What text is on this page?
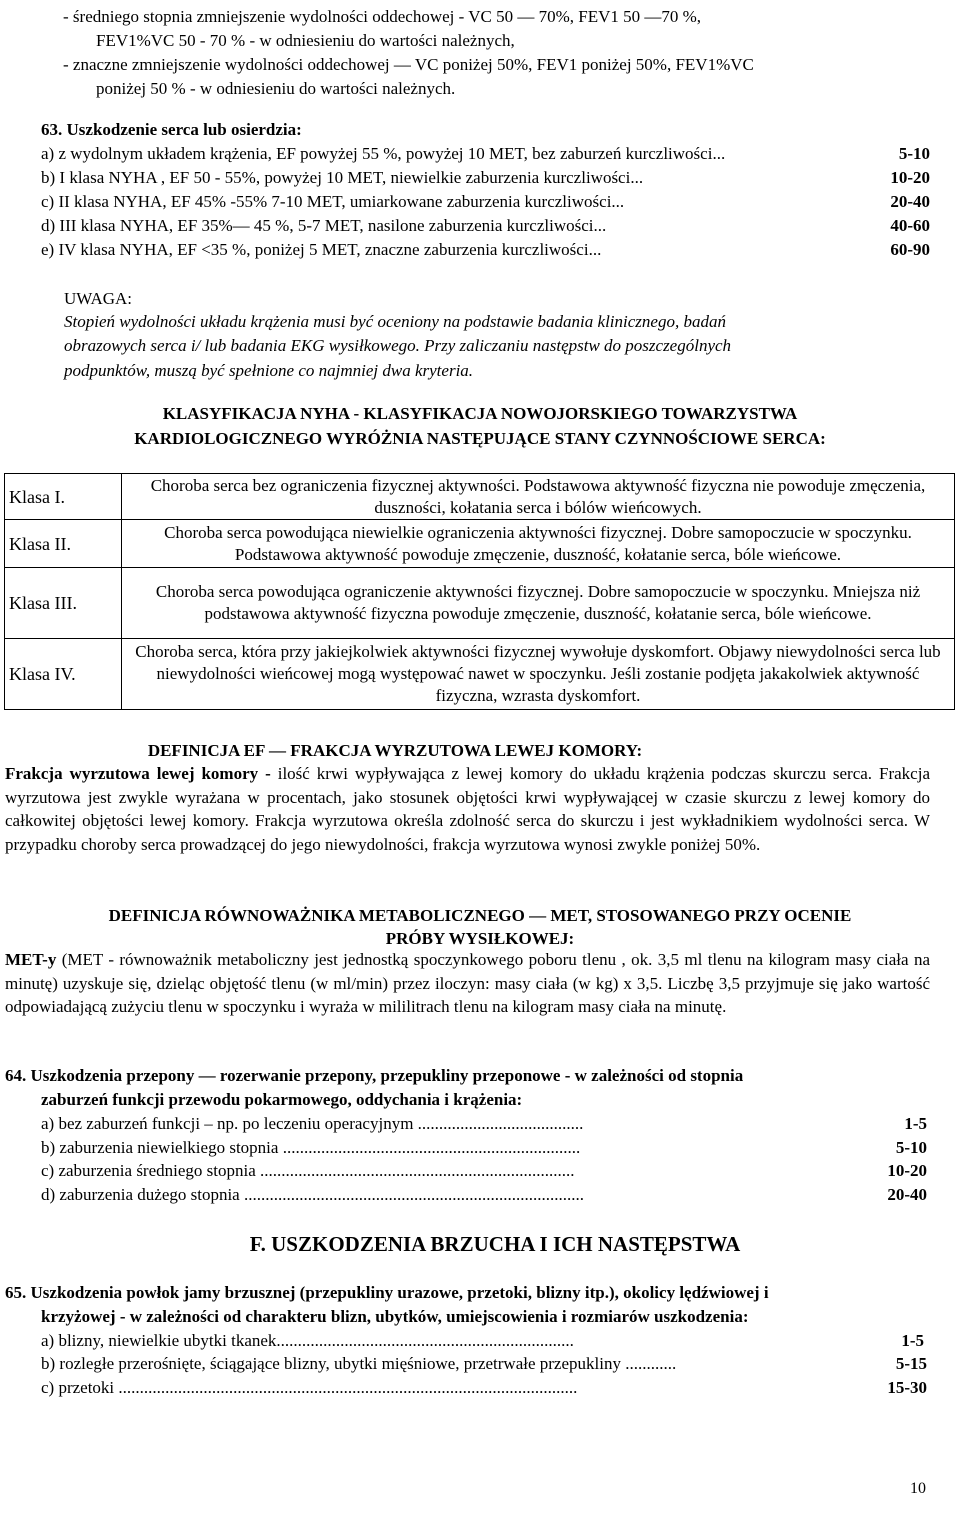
- średniego stopnia zmniejszenie wydolności oddechowej - VC 50 — 70%, FEV1 50 —70 %,
FEV1%VC 50 - 70 % - w odniesieniu do wartości należnych,
- znaczne zmniejszenie wydolności oddechowej — VC poniżej 50%, FEV1 poniżej 50%, FEV1%VC
poniżej 50 % - w odniesieniu do wartości należnych.
63. Uszkodzenie serca lub osierdzia:
a) z wydolnym układem krążenia, EF powyżej 55 %, powyżej 10 MET, bez zaburzeń kurczliwości...	5-10
b) I klasa NYHA , EF 50 - 55%, powyżej 10 MET, niewielkie zaburzenia kurczliwości...	10-20
c) II klasa NYHA, EF 45% -55% 7-10 MET, umiarkowane zaburzenia kurczliwości...	20-40
d) III klasa NYHA, EF 35%— 45 %, 5-7 MET, nasilone zaburzenia kurczliwości...	40-60
e) IV klasa NYHA, EF <35 %, poniżej 5 MET, znaczne zaburzenia kurczliwości...	60-90
UWAGA:
Stopień wydolności układu krążenia musi być oceniony na podstawie badania klinicznego, badań
obrazowych serca i/ lub badania EKG wysiłkowego. Przy zaliczaniu następstw do poszczególnych
podpunktów, muszą być spełnione co najmniej dwa kryteria.
KLASYFIKACJA NYHA - KLASYFIKACJA NOWOJORSKIEGO TOWARZYSTWA
KARDIOLOGICZNEGO WYRÓŻNIA NASTĘPUJĄCE STANY CZYNNOŚCIOWE SERCA:
Klasa I.	Choroba serca bez ograniczenia fizycznej aktywności. Podstawowa aktywność fizyczna nie powoduje zmęczenia, duszności, kołatania serca i bólów wieńcowych.
Klasa II.	Choroba serca powodująca niewielkie ograniczenia aktywności fizycznej. Dobre samopoczucie w spoczynku. Podstawowa aktywność powoduje zmęczenie, duszność, kołatanie serca, bóle wieńcowe.
Klasa III.	Choroba serca powodująca ograniczenie aktywności fizycznej. Dobre samopoczucie w spoczynku. Mniejsza niż podstawowa aktywność fizyczna powoduje zmęczenie, duszność, kołatanie serca, bóle wieńcowe.
Klasa IV.	Choroba serca, która przy jakiejkolwiek aktywności fizycznej wywołuje dyskomfort. Objawy niewydolności serca lub niewydolności wieńcowej mogą występować nawet w spoczynku. Jeśli zostanie podjęta jakakolwiek aktywność fizyczna, wzrasta dyskomfort.
DEFINICJA EF — FRAKCJA WYRZUTOWA LEWEJ KOMORY:
Frakcja wyrzutowa lewej komory - ilość krwi wypływająca z lewej komory do układu krążenia podczas skurczu serca. Frakcja wyrzutowa jest zwykle wyrażana w procentach, jako stosunek objętości krwi wypływającej w czasie skurczu z lewej komory do całkowitej objętości lewej komory. Frakcja wyrzutowa określa zdolność serca do skurczu i jest wykładnikiem wydolności serca. W przypadku choroby serca prowadzącej do jego niewydolności, frakcja wyrzutowa wynosi zwykle poniżej 50%.
DEFINICJA RÓWNOWAŻNIKA METABOLICZNEGO — MET, STOSOWANEGO PRZY OCENIE
PRÓBY WYSIŁKOWEJ:
MET-y (MET - równoważnik metaboliczny jest jednostką spoczynkowego poboru tlenu , ok. 3,5 ml tlenu na kilogram masy ciała na minutę) uzyskuje się, dzieląc objętość tlenu (w ml/min) przez iloczyn: masy ciała (w kg) x 3,5. Liczbę 3,5 przyjmuje się jako wartość odpowiadającą zużyciu tlenu w spoczynku i wyraża w mililitrach tlenu na kilogram masy ciała na minutę.
64. Uszkodzenia przepony — rozerwanie przepony, przepukliny przeponowe - w zależności od stopnia
zaburzeń funkcji przewodu pokarmowego, oddychania i krążenia:
a) bez zaburzeń funkcji – np. po leczeniu operacyjnym .......................................	1-5
b) zaburzenia niewielkiego stopnia ......................................................................	5-10
c) zaburzenia średniego stopnia ..........................................................................	10-20
d) zaburzenia dużego stopnia ................................................................................	20-40
F. USZKODZENIA BRZUCHA I ICH NASTĘPSTWA
65. Uszkodzenia powłok jamy brzusznej (przepukliny urazowe, przetoki, blizny itp.), okolicy lędźwiowej i
krzyżowej - w zależności od charakteru blizn, ubytków, umiejscowienia i rozmiarów uszkodzenia:
a) blizny, niewielkie ubytki tkanek......................................................................	1-5
b) rozległe przerośnięte, ściągające blizny, ubytki mięśniowe, przetrwałe przepukliny ............	5-15
c) przetoki ............................................................................................................	15-30
10
